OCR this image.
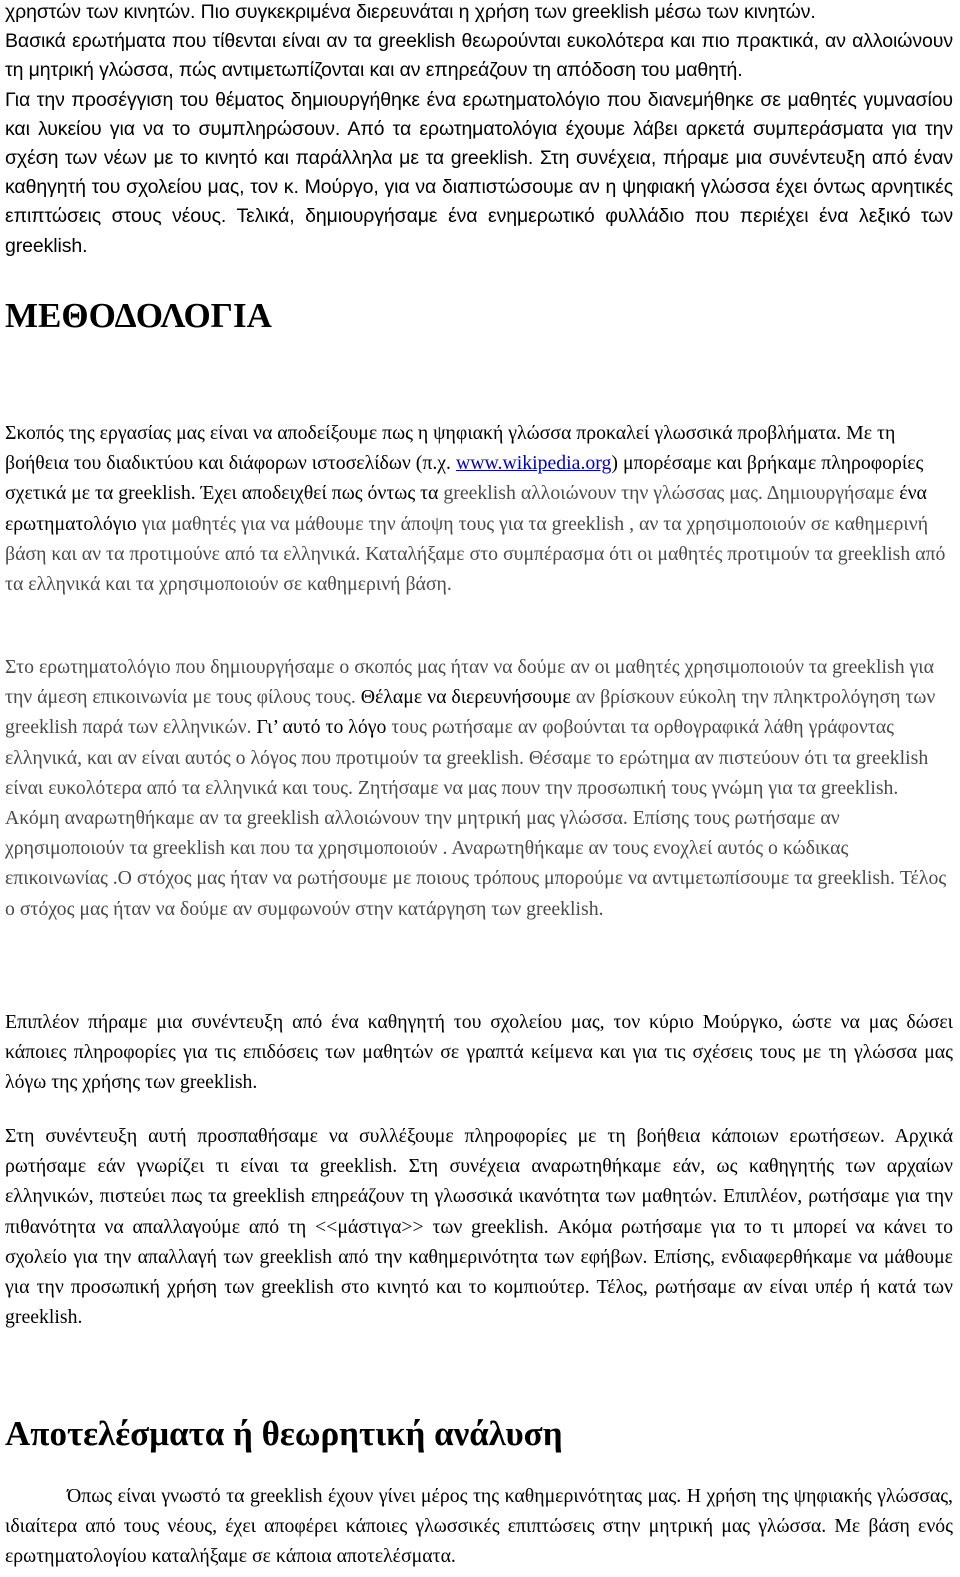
χρηστών των κινητών. Πιο συγκεκριμένα διερευνάται η χρήση των greeklish μέσω των κινητών.

Βασικά ερωτήματα που τίθενται είναι αν τα greeklish θεωρούνται ευκολότερα και πιο πρακτικά, αν αλλοιώνουν τη μητρική γλώσσα, πώς αντιμετωπίζονται και αν επηρεάζουν τη απόδοση του μαθητή.

Για την προσέγγιση του θέματος δημιουργήθηκε ένα ερωτηματολόγιο που διανεμήθηκε σε μαθητές γυμνασίου και λυκείου για να το συμπληρώσουν. Από τα ερωτηματολόγια έχουμε λάβει αρκετά συμπεράσματα για την σχέση των νέων με το κινητό και παράλληλα με τα greeklish. Στη συνέχεια, πήραμε μια συνέντευξη από έναν καθηγητή του σχολείου μας, τον κ. Μούργο, για να διαπιστώσουμε αν η ψηφιακή γλώσσα έχει όντως αρνητικές επιπτώσεις στους νέους. Τελικά, δημιουργήσαμε ένα ενημερωτικό φυλλάδιο που περιέχει ένα λεξικό των greeklish.

ΜΕΘΟΔΟΛΟΓΙΑ

Σκοπός της εργασίας μας είναι να αποδείξουμε πως η ψηφιακή γλώσσα προκαλεί γλωσσικά προβλήματα. Με τη βοήθεια του διαδικτύου και διάφορων ιστοσελίδων (π.χ. www.wikipedia.org) μπορέσαμε και βρήκαμε πληροφορίες σχετικά με τα greeklish. Έχει αποδειχθεί πως όντως τα greeklish αλλοιώνουν την γλώσσας μας. Δημιουργήσαμε ένα ερωτηματολόγιο για μαθητές για να μάθουμε την άποψη τους για τα greeklish , αν τα χρησιμοποιούν σε καθημερινή βάση και αν τα προτιμούνε από τα ελληνικά. Καταλήξαμε στο συμπέρασμα ότι οι μαθητές προτιμούν τα greeklish από τα ελληνικά και τα χρησιμοποιούν σε καθημερινή βάση.

Στο ερωτηματολόγιο που δημιουργήσαμε ο σκοπός μας ήταν να δούμε αν οι μαθητές χρησιμοποιούν τα greeklish για την άμεση επικοινωνία με τους φίλους τους. Θέλαμε να διερευνήσουμε αν βρίσκουν εύκολη την πληκτρολόγηση των greeklish παρά των ελληνικών. Γι’ αυτό το λόγο τους ρωτήσαμε αν φοβούνται τα ορθογραφικά λάθη γράφοντας ελληνικά, και αν είναι αυτός ο λόγος που προτιμούν τα greeklish. Θέσαμε το ερώτημα αν πιστεύουν ότι τα greeklish είναι ευκολότερα από τα ελληνικά και τους. Ζητήσαμε να μας πουν την προσωπική τους γνώμη για τα greeklish. Ακόμη αναρωτηθήκαμε αν τα greeklish αλλοιώνουν την μητρική μας γλώσσα. Επίσης τους ρωτήσαμε αν χρησιμοποιούν τα greeklish και που τα χρησιμοποιούν . Αναρωτηθήκαμε αν τους ενοχλεί αυτός ο κώδικας επικοινωνίας .Ο στόχος μας ήταν να ρωτήσουμε με ποιους τρόπους μπορούμε να αντιμετωπίσουμε τα greeklish. Τέλος ο στόχος μας ήταν να δούμε αν συμφωνούν στην κατάργηση των greeklish.

Επιπλέον πήραμε μια συνέντευξη από ένα καθηγητή του σχολείου μας, τον κύριο Μούργκο, ώστε να μας δώσει κάποιες πληροφορίες για τις επιδόσεις των μαθητών σε γραπτά κείμενα και για τις σχέσεις τους με τη γλώσσα μας λόγω της χρήσης των greeklish.

Στη συνέντευξη αυτή προσπαθήσαμε να συλλέξουμε πληροφορίες με τη βοήθεια κάποιων ερωτήσεων. Αρχικά ρωτήσαμε εάν γνωρίζει τι είναι τα greeklish. Στη συνέχεια αναρωτηθήκαμε εάν, ως καθηγητής των αρχαίων ελληνικών, πιστεύει πως τα greeklish επηρεάζουν τη γλωσσικά ικανότητα των μαθητών. Επιπλέον, ρωτήσαμε για την πιθανότητα να απαλλαγούμε από τη <<μάστιγα>> των greeklish. Ακόμα ρωτήσαμε για το τι μπορεί να κάνει το σχολείο για την απαλλαγή των greeklish από την καθημερινότητα των εφήβων. Επίσης, ενδιαφερθήκαμε να μάθουμε για την προσωπική χρήση των greeklish στο κινητό και το κομπιούτερ. Τέλος, ρωτήσαμε αν είναι υπέρ ή κατά των greeklish.

Αποτελέσματα ή θεωρητική ανάλυση

Όπως είναι γνωστό τα greeklish έχουν γίνει μέρος της καθημερινότητας μας. Η χρήση της ψηφιακής γλώσσας, ιδιαίτερα από τους νέους, έχει αποφέρει κάποιες γλωσσικές επιπτώσεις στην μητρική μας γλώσσα. Με βάση ενός ερωτηματολογίου καταλήξαμε σε κάποια αποτελέσματα.
